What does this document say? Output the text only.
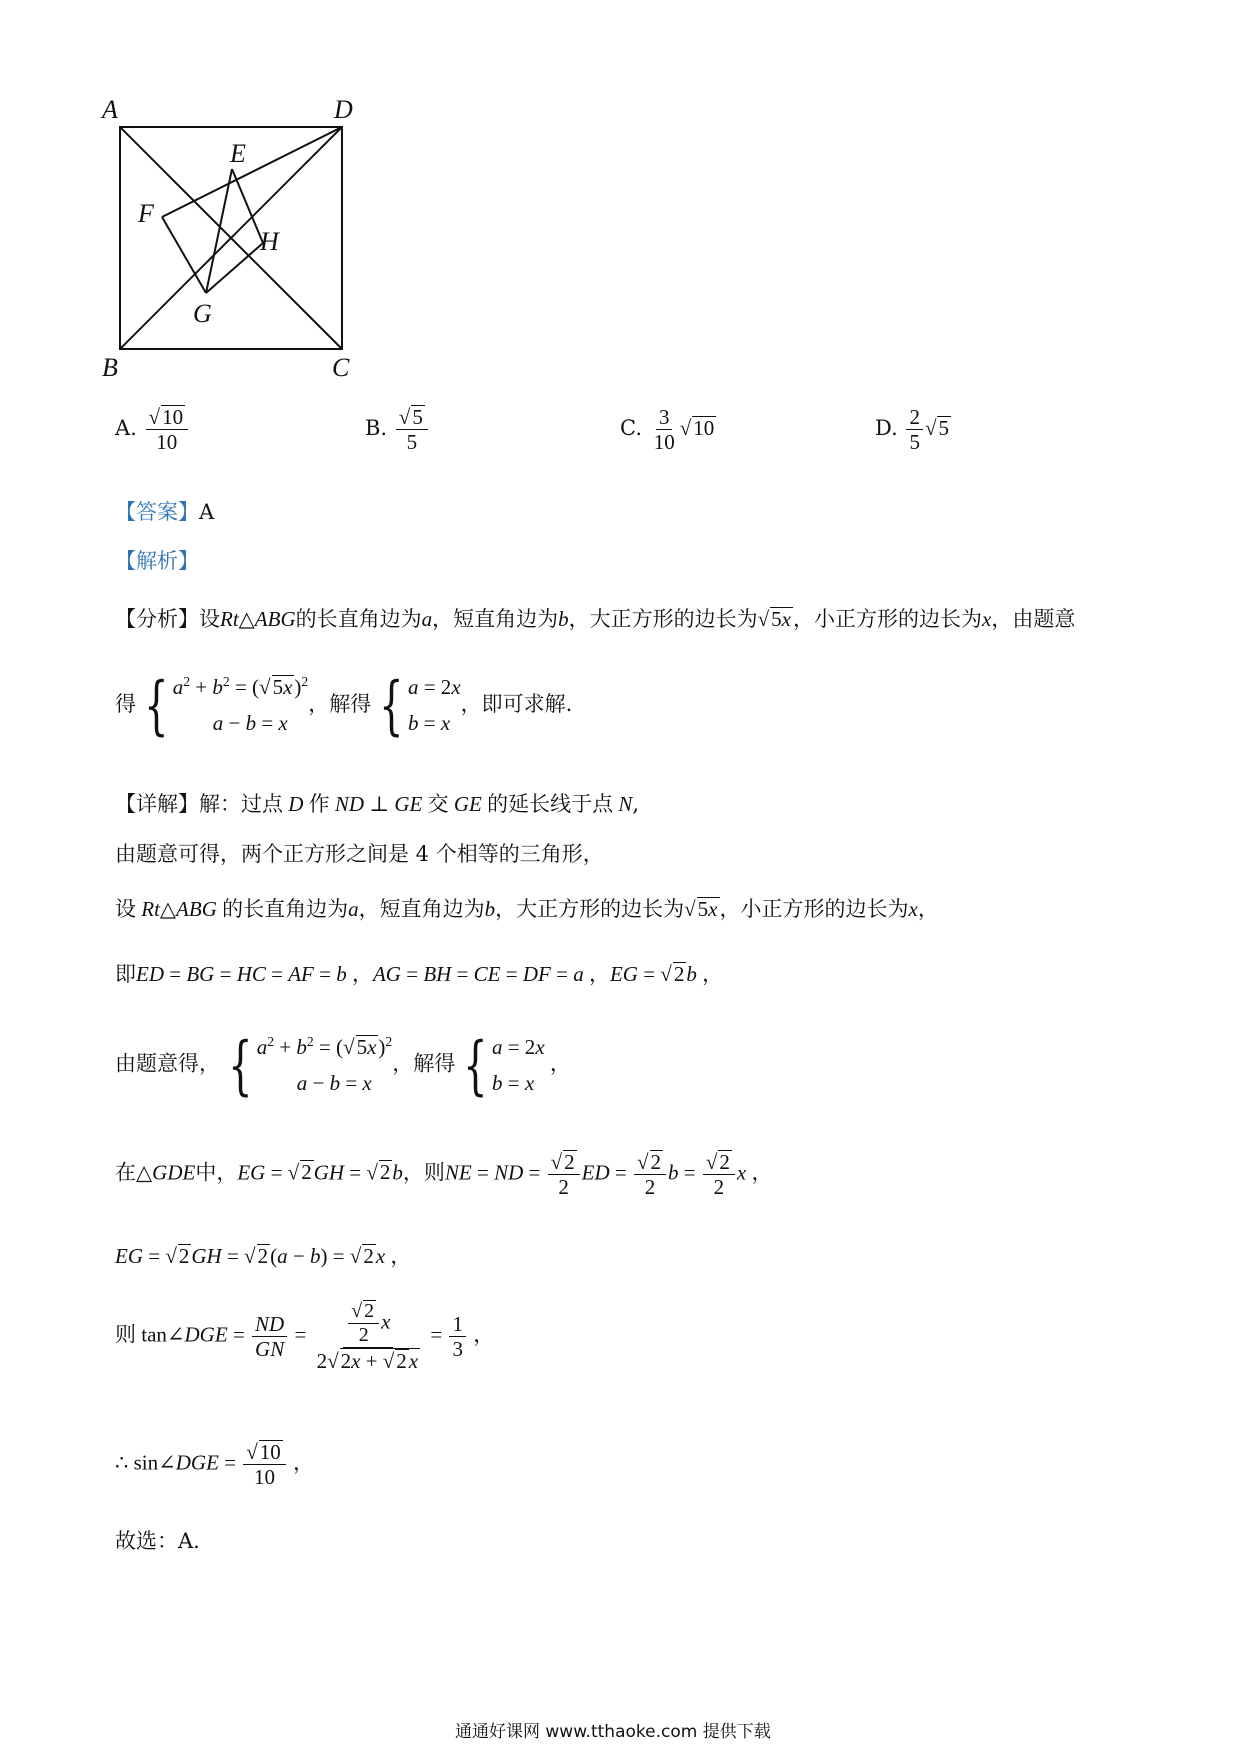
A	D
B	C
E
F
G
H
A. $\frac{√10}{10}$	B. $\frac{√5}{5}$	C. $\frac{3}{10} √10$	D. $\frac{2}{5} √5$
【答案】A
【解析】
【分析】设Rt△ABG的长直角边为a，短直角边为b，大正方形的边长为√5x，小正方形的边长为x，由题意
得 { $a^2 + b^2 = (√5x)^2$
a − b = x
，解得 { a = 2x
b = x
，即可求解.
【详解】解：过点 D 作 ND ⊥ GE 交 GE 的延长线于点 N,
由题意可得，两个正方形之间是 4 个相等的三角形，
设 Rt△ABG 的长直角边为a，短直角边为b，大正方形的边长为√5x，小正方形的边长为x，
即ED = BG = HC = AF = b ，AG = BH = CE = DF = a ，EG = √2b ，
由题意得， { $a^2 + b^2 = (√5x)^2$
a − b = x
，解得 { a = 2x
b = x
，
在△GDE中，EG = √2GH = √2b，则NE = ND = $\frac{√2}{2}$ ED = $\frac{√2}{2}$ $b = \frac{√2}{2}$ x ，
EG = √2GH = √2(a − b) = √2x ，
则 tan∠DGE = $\frac{ND}{GN} = \frac{\frac{√ 2}{2} x}{2√2x + √2x} = \frac{1}{3}$ ，
∴ sin∠DGE = $\frac{√10}{10}$ ，
故选：A.
通通好课网 www.tthaoke.com 提供下载
